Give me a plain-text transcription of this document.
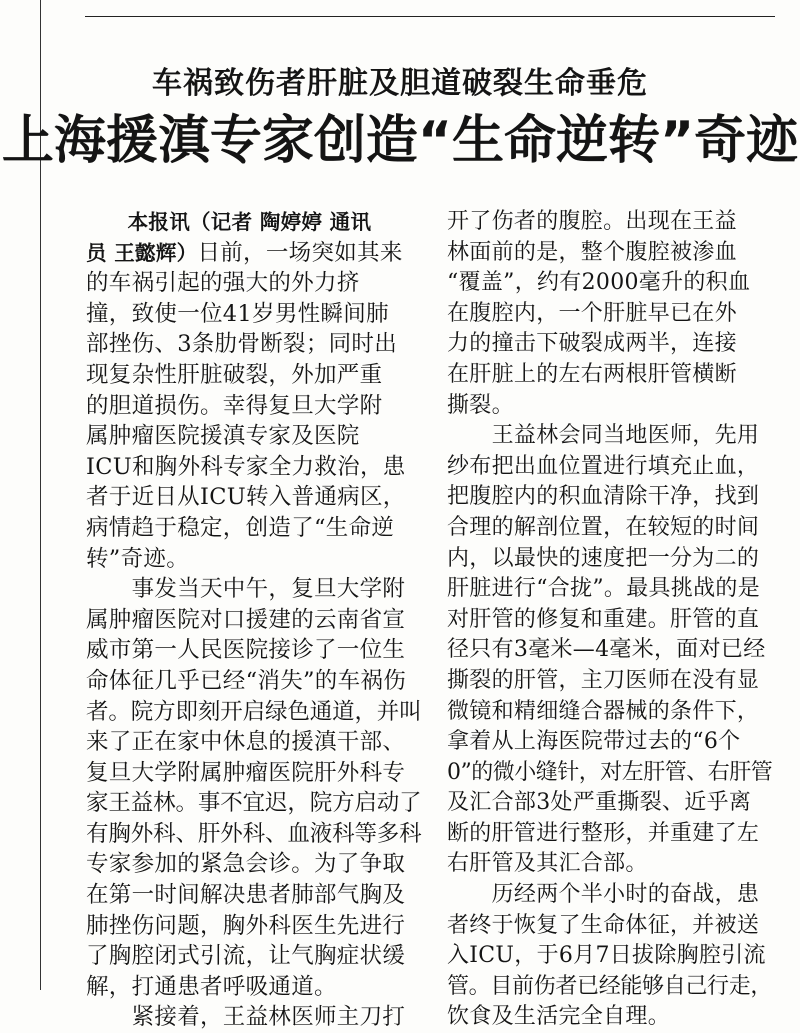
车祸致伤者肝脏及胆道破裂生命垂危
上海援滇专家创造“生命逆转”奇迹
　　本报讯（记者 陶婷婷 通讯
员 王懿辉）日前，一场突如其来
的车祸引起的强大的外力挤
撞，致使一位41岁男性瞬间肺
部挫伤、3条肋骨断裂；同时出
现复杂性肝脏破裂，外加严重
的胆道损伤。幸得复旦大学附
属肿瘤医院援滇专家及医院
ICU和胸外科专家全力救治，患
者于近日从ICU转入普通病区，
病情趋于稳定，创造了“生命逆
转”奇迹。
　　事发当天中午，复旦大学附
属肿瘤医院对口援建的云南省宣
威市第一人民医院接诊了一位生
命体征几乎已经“消失”的车祸伤
者。院方即刻开启绿色通道，并叫
来了正在家中休息的援滇干部、
复旦大学附属肿瘤医院肝外科专
家王益林。事不宜迟，院方启动了
有胸外科、肝外科、血液科等多科
专家参加的紧急会诊。为了争取
在第一时间解决患者肺部气胸及
肺挫伤问题，胸外科医生先进行
了胸腔闭式引流，让气胸症状缓
解，打通患者呼吸通道。
　　紧接着，王益林医师主刀打
开了伤者的腹腔。出现在王益
林面前的是，整个腹腔被渗血
“覆盖”，约有2000毫升的积血
在腹腔内，一个肝脏早已在外
力的撞击下破裂成两半，连接
在肝脏上的左右两根肝管横断
撕裂。
　　王益林会同当地医师，先用
纱布把出血位置进行填充止血，
把腹腔内的积血清除干净，找到
合理的解剖位置，在较短的时间
内，以最快的速度把一分为二的
肝脏进行“合拢”。最具挑战的是
对肝管的修复和重建。肝管的直
径只有3毫米—4毫米，面对已经
撕裂的肝管，主刀医师在没有显
微镜和精细缝合器械的条件下，
拿着从上海医院带过去的“6个
0”的微小缝针，对左肝管、右肝管
及汇合部3处严重撕裂、近乎离
断的肝管进行整形，并重建了左
右肝管及其汇合部。
　　历经两个半小时的奋战，患
者终于恢复了生命体征，并被送
入ICU，于6月7日拔除胸腔引流
管。目前伤者已经能够自己行走，
饮食及生活完全自理。
